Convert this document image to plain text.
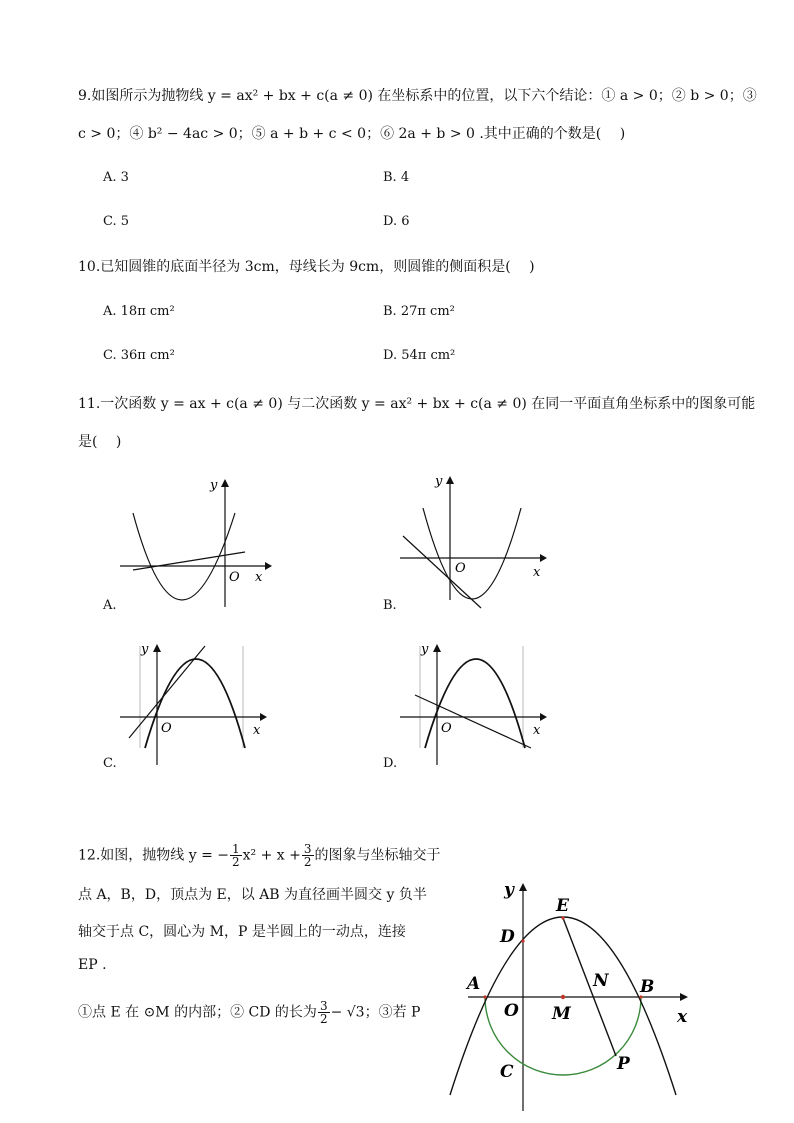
9.如图所示为抛物线 y = ax² + bx + c(a ≠ 0) 在坐标系中的位置，以下六个结论：① a > 0；② b > 0；③
c > 0；④ b² − 4ac > 0；⑤ a + b + c < 0；⑥ 2a + b > 0 .其中正确的个数是(　 )
A. 3	B. 4
C. 5	D. 6
10.已知圆锥的底面半径为 3cm，母线长为 9cm，则圆锥的侧面积是(　 )
A. 18π cm²	B. 27π cm²
C. 36π cm²	D. 54π cm²
11.一次函数 y = ax + c(a ≠ 0) 与二次函数 y = ax² + bx + c(a ≠ 0) 在同一平面直角坐标系中的图象可能
是(　 )
y
x
O
A.
y
x
O
B.
y
x
O
C.
y
x
O
D.
12.如图，抛物线 y = − $\frac{1}{2} x^2 + x + \frac{3}{2}$ 的图象与坐标轴交于
点 A，B，D，顶点为 E，以 AB 为直径画半圆交 y 负半
轴交于点 C，圆心为 M，P 是半圆上的一动点，连接
EP .
①点 E 在 ⊙M 的内部；② CD 的长为 $\frac{3}{2} - √3$；③若 P
y
x
E
D
A
O M
N B
P
C
